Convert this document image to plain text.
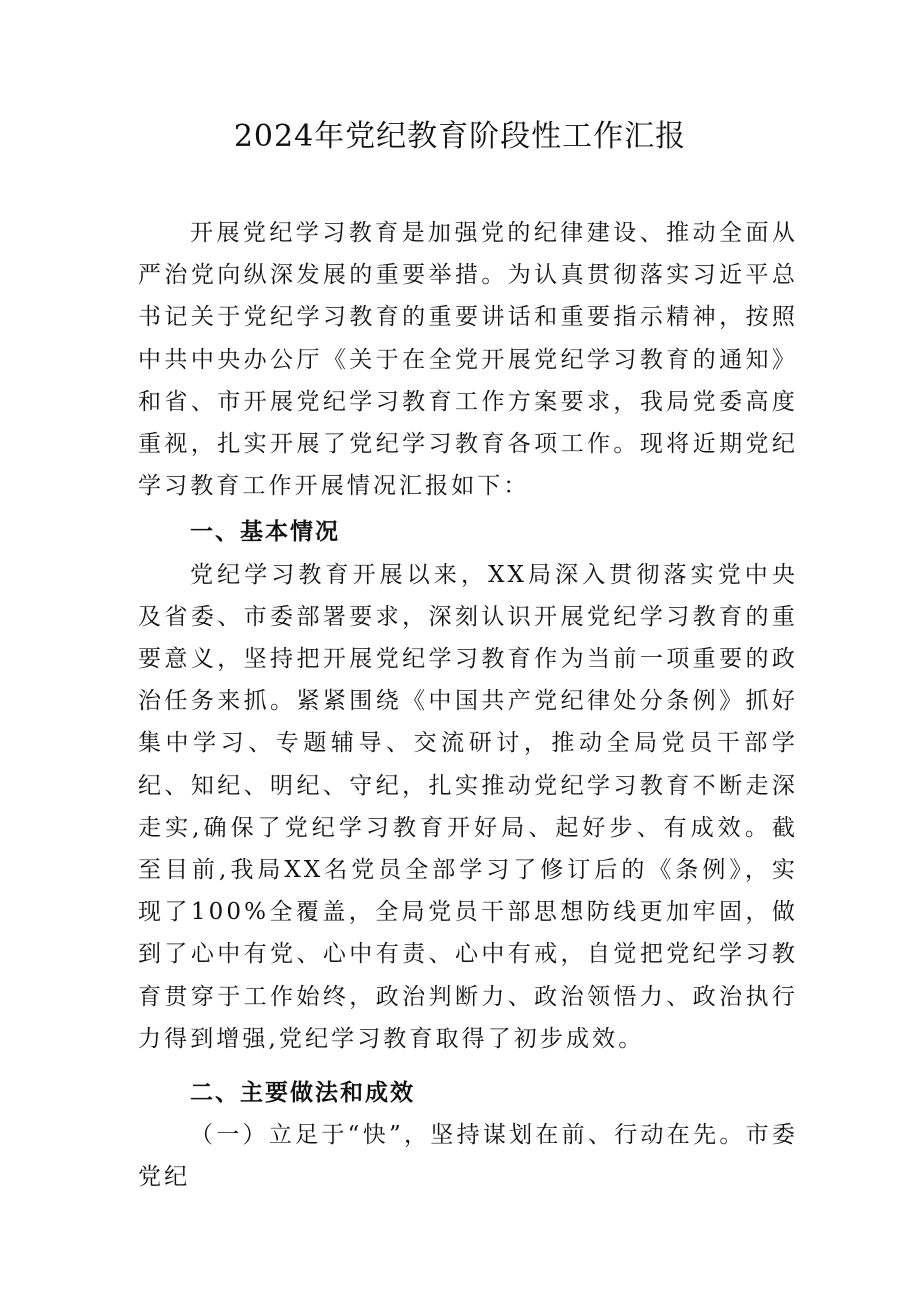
2024年党纪教育阶段性工作汇报

开展党纪学习教育是加强党的纪律建设、推动全面从严治党向纵深发展的重要举措。为认真贯彻落实习近平总书记关于党纪学习教育的重要讲话和重要指示精神，按照中共中央办公厅《关于在全党开展党纪学习教育的通知》和省、市开展党纪学习教育工作方案要求，我局党委高度重视，扎实开展了党纪学习教育各项工作。现将近期党纪学习教育工作开展情况汇报如下：

一、基本情况

党纪学习教育开展以来，XX局深入贯彻落实党中央及省委、市委部署要求，深刻认识开展党纪学习教育的重要意义，坚持把开展党纪学习教育作为当前一项重要的政治任务来抓。紧紧围绕《中国共产党纪律处分条例》抓好集中学习、专题辅导、交流研讨，推动全局党员干部学纪、知纪、明纪、守纪，扎实推动党纪学习教育不断走深走实,确保了党纪学习教育开好局、起好步、有成效。截至目前,我局XX名党员全部学习了修订后的《条例》，实现了100%全覆盖，全局党员干部思想防线更加牢固，做到了心中有党、心中有责、心中有戒，自觉把党纪学习教育贯穿于工作始终，政治判断力、政治领悟力、政治执行力得到增强,党纪学习教育取得了初步成效。

二、主要做法和成效

（一）立足于“快”，坚持谋划在前、行动在先。市委党纪
